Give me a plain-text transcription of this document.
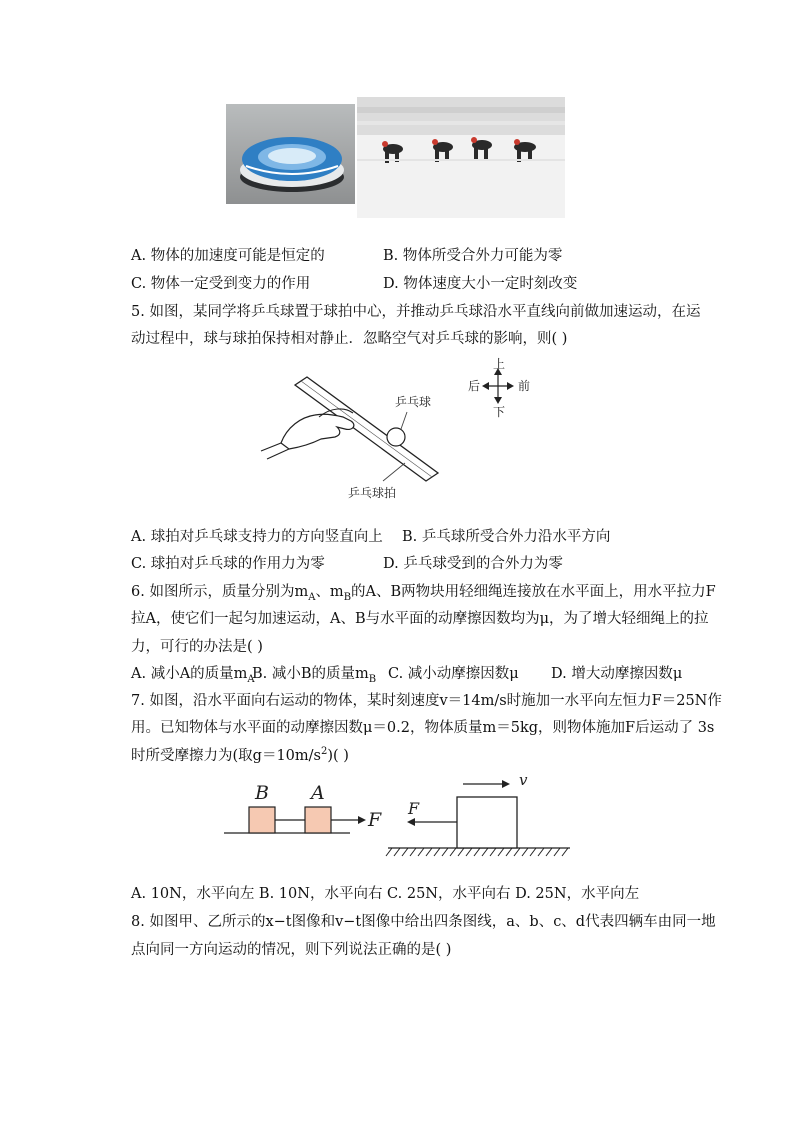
A. 物体的加速度可能是恒定的	B. 物体所受合外力可能为零
C. 物体一定受到变力的作用	D. 物体速度大小一定时刻改变
5. 如图，某同学将乒乓球置于球拍中心，并推动乒乓球沿水平直线向前做加速运动，在运
动过程中，球与球拍保持相对静止．忽略空气对乒乓球的影响，则( )
乒乓球
乒乓球拍
上
下
后	前
A. 球拍对乒乓球支持力的方向竖直向上 B. 乒乓球所受合外力沿水平方向
C. 球拍对乒乓球的作用力为零	D. 乒乓球受到的合外力为零
6. 如图所示，质量分别为$m_A$、$m_B$的A、B两物块用轻细绳连接放在水平面上，用水平拉力F
拉A，使它们一起匀加速运动，A、B与水平面的动摩擦因数均为μ，为了增大轻细绳上的拉
力，可行的办法是( )
A. 减小A的质量$m_A$
B. 减小B的质量$m_B$ C. 减小动摩擦因数μ D. 增大动摩擦因数μ
7. 如图，沿水平面向右运动的物体，某时刻速度v＝14m/s时施加一水平向左恒力F＝25N作
用。已知物体与水平面的动摩擦因数μ＝0.2，物体质量m＝5kg，则物体施加F后运动了 3s
时所受摩擦力为(取$g=10m/s^2$)( )
B A
F
F
v
A. 10N，水平向左 B. 10N，水平向右 C. 25N，水平向右 D. 25N，水平向左
8. 如图甲、乙所示的x−t图像和v−t图像中给出四条图线，a、b、c、d代表四辆车由同一地
点向同一方向运动的情况，则下列说法正确的是( )
